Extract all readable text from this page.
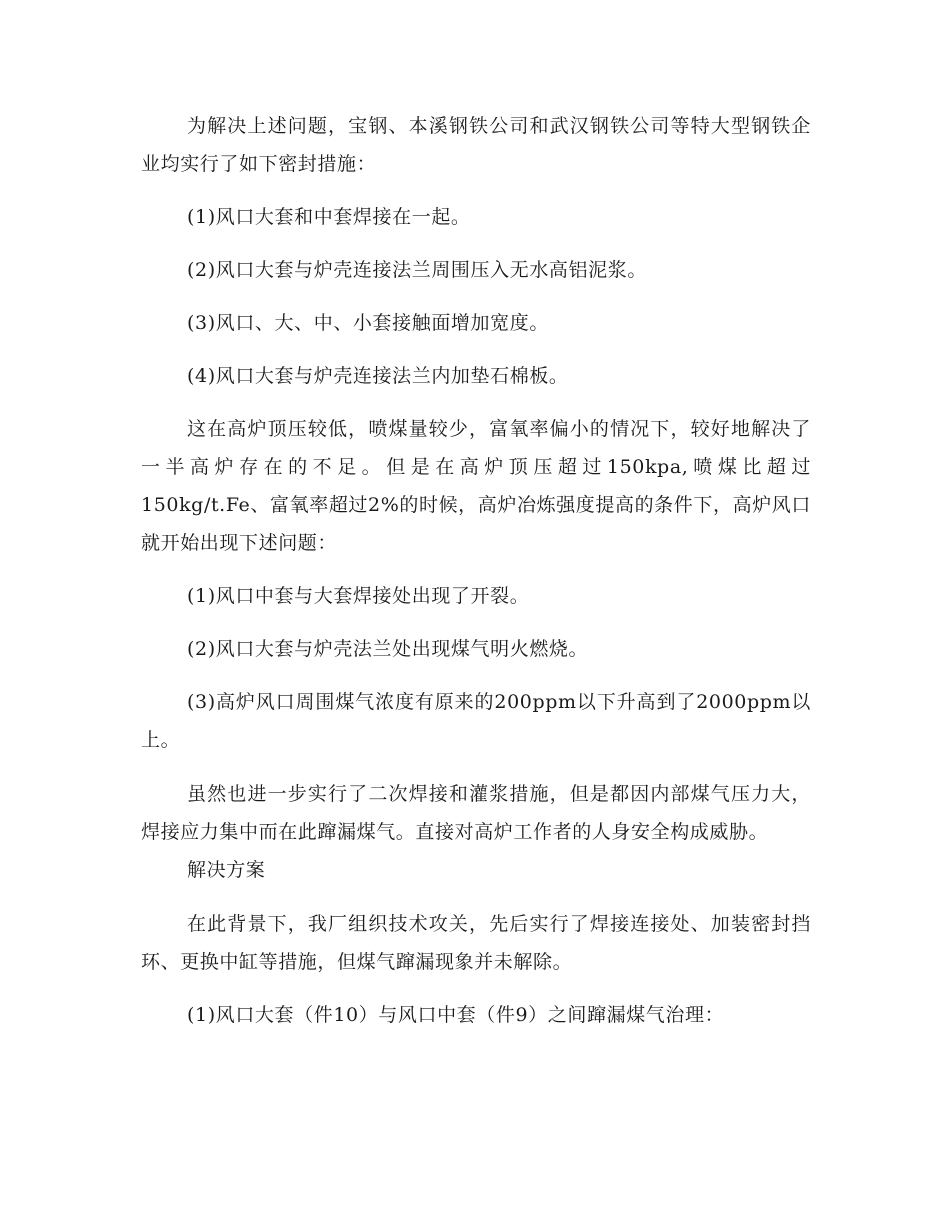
为解决上述问题，宝钢、本溪钢铁公司和武汉钢铁公司等特大型钢铁企业均实行了如下密封措施：

(1)风口大套和中套焊接在一起。

(2)风口大套与炉壳连接法兰周围压入无水高铝泥浆。

(3)风口、大、中、小套接触面增加宽度。

(4)风口大套与炉壳连接法兰内加垫石棉板。

这在高炉顶压较低，喷煤量较少，富氧率偏小的情况下，较好地解决了一半高炉存在的不足。但是在高炉顶压超过150kpa,喷煤比超过150kg/t.Fe、富氧率超过2%的时候，高炉冶炼强度提高的条件下，高炉风口就开始出现下述问题：

(1)风口中套与大套焊接处出现了开裂。

(2)风口大套与炉壳法兰处出现煤气明火燃烧。

(3)高炉风口周围煤气浓度有原来的200ppm以下升高到了2000ppm以上。

虽然也进一步实行了二次焊接和灌浆措施，但是都因内部煤气压力大，焊接应力集中而在此蹿漏煤气。直接对高炉工作者的人身安全构成威胁。

解决方案

在此背景下，我厂组织技术攻关，先后实行了焊接连接处、加装密封挡环、更换中缸等措施，但煤气蹿漏现象并未解除。

(1)风口大套（件10）与风口中套（件9）之间蹿漏煤气治理：
